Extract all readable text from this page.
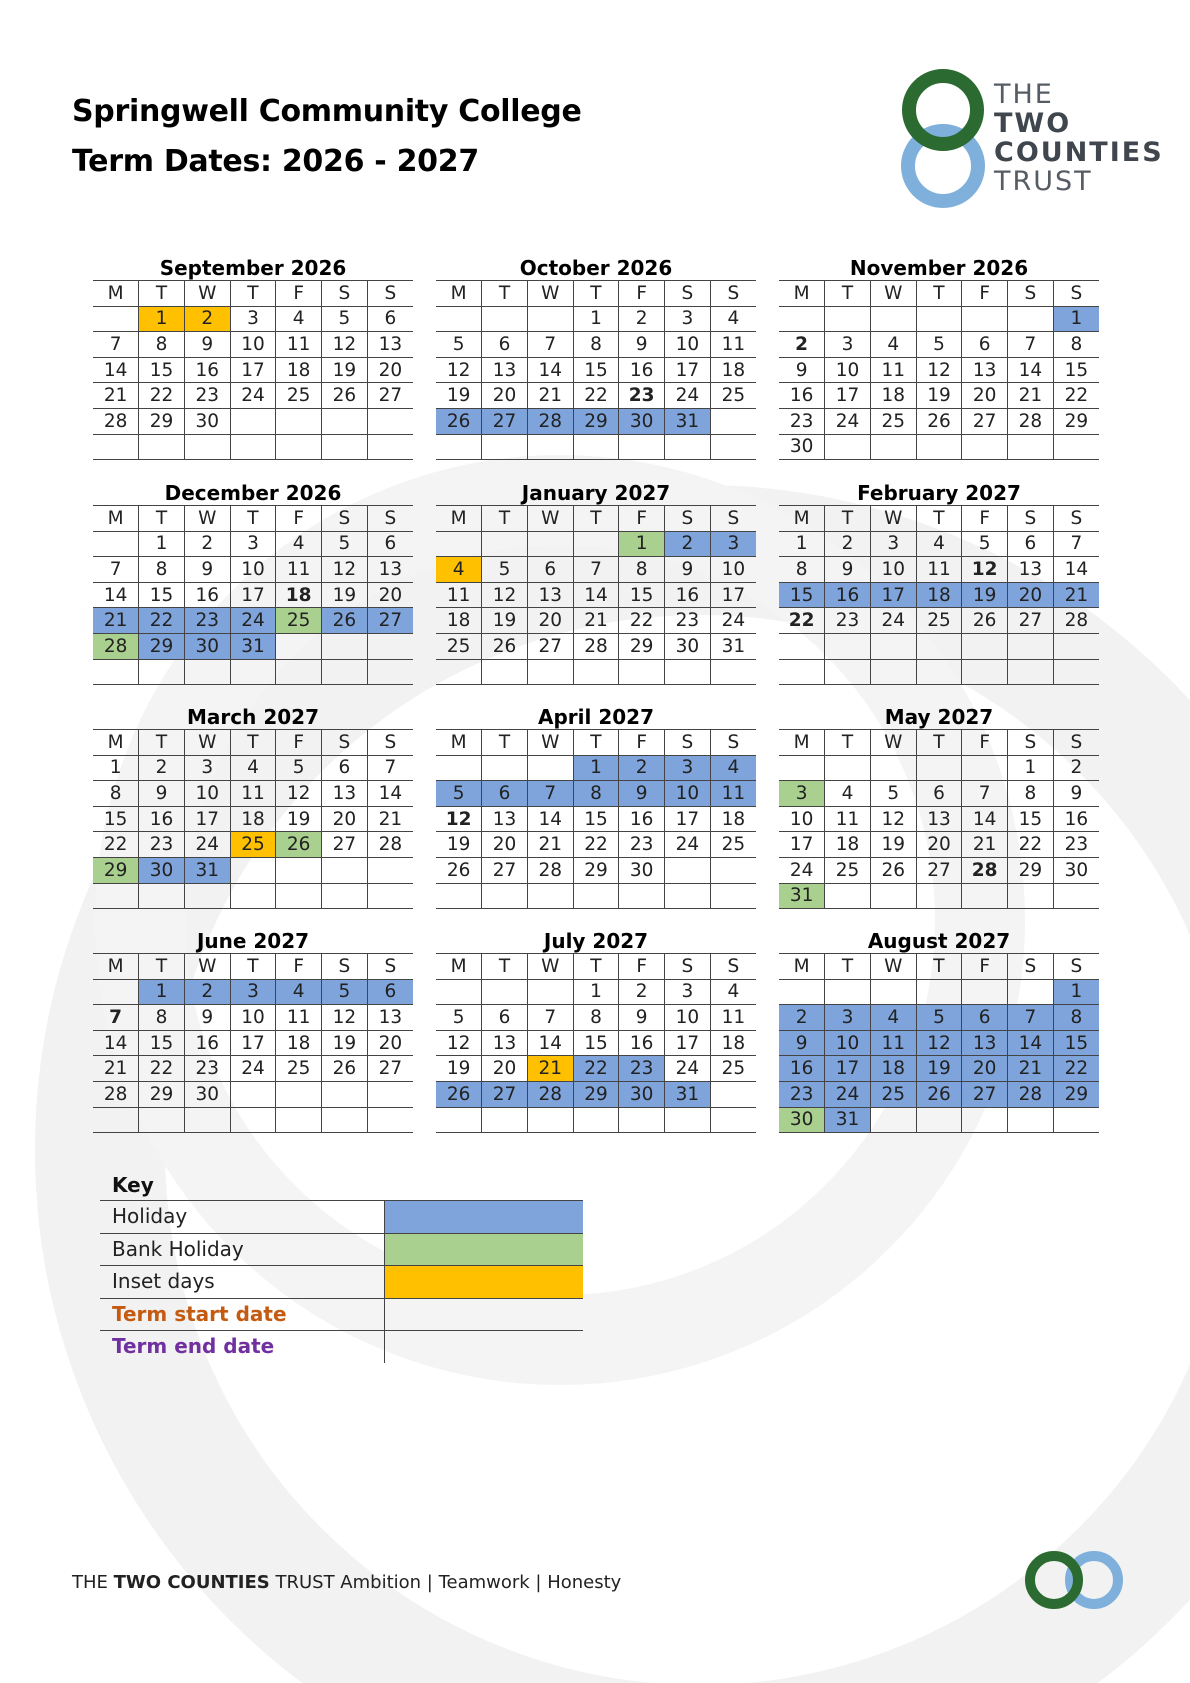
Springwell Community College
Term Dates: 2026 - 2027
THE
TWO
COUNTIES
TRUST
September 2026
M	T	W	T	F	S	S
	1	2	3	4	5	6
7	8	9	10	11	12	13
14	15	16	17	18	19	20
21	22	23	24	25	26	27
28	29	30				

October 2026
M	T	W	T	F	S	S
			1	2	3	4
5	6	7	8	9	10	11
12	13	14	15	16	17	18
19	20	21	22	23	24	25
26	27	28	29	30	31	

November 2026
M	T	W	T	F	S	S
						1
2	3	4	5	6	7	8
9	10	11	12	13	14	15
16	17	18	19	20	21	22
23	24	25	26	27	28	29
30						
December 2026
M	T	W	T	F	S	S
	1	2	3	4	5	6
7	8	9	10	11	12	13
14	15	16	17	18	19	20
21	22	23	24	25	26	27
28	29	30	31			

January 2027
M	T	W	T	F	S	S
				1	2	3
4	5	6	7	8	9	10
11	12	13	14	15	16	17
18	19	20	21	22	23	24
25	26	27	28	29	30	31

February 2027
M	T	W	T	F	S	S
1	2	3	4	5	6	7
8	9	10	11	12	13	14
15	16	17	18	19	20	21
22	23	24	25	26	27	28

March 2027
M	T	W	T	F	S	S
1	2	3	4	5	6	7
8	9	10	11	12	13	14
15	16	17	18	19	20	21
22	23	24	25	26	27	28
29	30	31				

April 2027
M	T	W	T	F	S	S
			1	2	3	4
5	6	7	8	9	10	11
12	13	14	15	16	17	18
19	20	21	22	23	24	25
26	27	28	29	30		

May 2027
M	T	W	T	F	S	S
					1	2
3	4	5	6	7	8	9
10	11	12	13	14	15	16
17	18	19	20	21	22	23
24	25	26	27	28	29	30
31						
June 2027
M	T	W	T	F	S	S
	1	2	3	4	5	6
7	8	9	10	11	12	13
14	15	16	17	18	19	20
21	22	23	24	25	26	27
28	29	30				

July 2027
M	T	W	T	F	S	S
			1	2	3	4
5	6	7	8	9	10	11
12	13	14	15	16	17	18
19	20	21	22	23	24	25
26	27	28	29	30	31	

August 2027
M	T	W	T	F	S	S
						1
2	3	4	5	6	7	8
9	10	11	12	13	14	15
16	17	18	19	20	21	22
23	24	25	26	27	28	29
30	31					
Key
Holiday
Bank Holiday
Inset days
Term start date
Term end date
THE TWO COUNTIES TRUST Ambition | Teamwork | Honesty
